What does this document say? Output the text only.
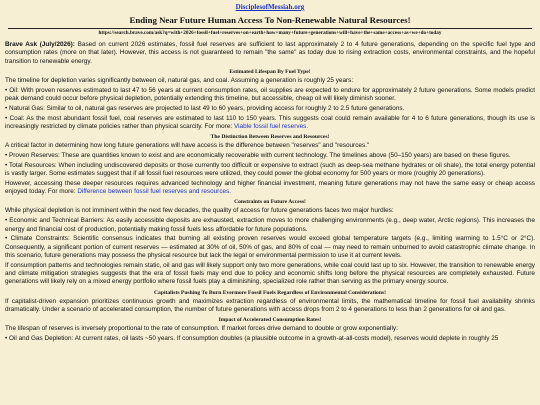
DisciplesofMessiah.org
Ending Near Future Human Access To Non-Renewable Natural Resources!
https://search.brave.com/ask?q=with+2026+fossil+fuel+reserves+on+earth+how+many+future+generations+will+have+the+same+access+as+we+do+today

Brave Ask (July/2026): Based on current 2026 estimates, fossil fuel reserves are sufficient to last approximately 2 to 4 future generations, depending on the specific fuel type and consumption rates (more on that later). However, this access is not guaranteed to remain "the same" as today due to rising extraction costs, environmental constraints, and the hopeful transition to renewable energy.

Estimated Lifespan By Fuel Type!

The timeline for depletion varies significantly between oil, natural gas, and coal. Assuming a generation is roughly 25 years:

• Oil: With proven reserves estimated to last 47 to 56 years at current consumption rates, oil supplies are expected to endure for approximately 2 future generations. Some models predict peak demand could occur before physical depletion, potentially extending this timeline, but accessible, cheap oil will likely diminish sooner.

• Natural Gas: Similar to oil, natural gas reserves are projected to last 49 to 60 years, providing access for roughly 2 to 2.5 future generations.

• Coal: As the most abundant fossil fuel, coal reserves are estimated to last 110 to 150 years. This suggests coal could remain available for 4 to 6 future generations, though its use is increasingly restricted by climate policies rather than physical scarcity. For more: Viable fossil fuel reserves.

The Distinction Between Reserves and Resources!

A critical factor in determining how long future generations will have access is the difference between "reserves" and "resources."

• Proven Reserves: These are quantities known to exist and are economically recoverable with current technology. The timelines above (50–150 years) are based on these figures.

• Total Resources: When including undiscovered deposits or those currently too difficult or expensive to extract (such as deep-sea methane hydrates or oil shale), the total energy potential is vastly larger. Some estimates suggest that if all fossil fuel resources were utilized, they could power the global economy for 500 years or more (roughly 20 generations).

However, accessing these deeper resources requires advanced technology and higher financial investment, meaning future generations may not have the same easy or cheap access enjoyed today. For more: Difference between fossil fuel reserves and resources.

Constraints on Future Access!

While physical depletion is not imminent within the next few decades, the quality of access for future generations faces two major hurdles:

• Economic and Technical Barriers: As easily accessible deposits are exhausted, extraction moves to more challenging environments (e.g., deep water, Arctic regions). This increases the energy and financial cost of production, potentially making fossil fuels less affordable for future populations.

• Climate Constraints: Scientific consensus indicates that burning all existing proven reserves would exceed global temperature targets (e.g., limiting warming to 1.5°C or 2°C). Consequently, a significant portion of current reserves — estimated at 30% of oil, 50% of gas, and 80% of coal — may need to remain unburned to avoid catastrophic climate change. In this scenario, future generations may possess the physical resource but lack the legal or environmental permission to use it at current levels.

If consumption patterns and technologies remain static, oil and gas will likely support only two more generations, while coal could last up to six. However, the transition to renewable energy and climate mitigation strategies suggests that the era of fossil fuels may end due to policy and economic shifts long before the physical resources are completely exhausted. Future generations will likely rely on a mixed energy portfolio where fossil fuels play a diminishing, specialized role rather than serving as the primary energy source.

Capitalists Pushing To Burn Evermore Fossil Fuels Regardless of Environmental Considerations!

If capitalist-driven expansion prioritizes continuous growth and maximizes extraction regardless of environmental limits, the mathematical timeline for fossil fuel availability shrinks dramatically. Under a scenario of accelerated consumption, the number of future generations with access drops from 2 to 4 generations to less than 2 generations for oil and gas.

Impact of Accelerated Consumption Rates!

The lifespan of reserves is inversely proportional to the rate of consumption. If market forces drive demand to double or grow exponentially:

• Oil and Gas Depletion: At current rates, oil lasts ~50 years. If consumption doubles (a plausible outcome in a growth-at-all-costs model), reserves would deplete in roughly 25
